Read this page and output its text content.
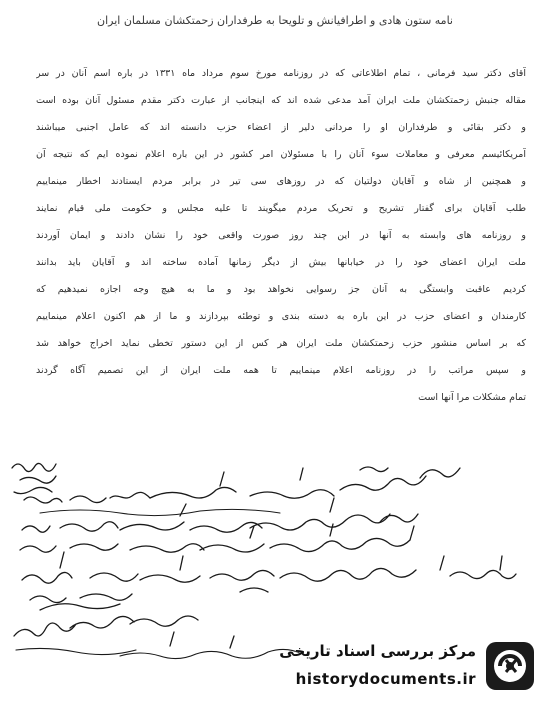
نامه ستون هادی و اطرافیانش و تلویحا به طرفداران زحمتکشان مسلمان ایران
آقای دکتر سید فرمانی ، تمام اطلاعاتی که در روزنامه مورخ سوم مرداد ماه ۱۳۳۱ در باره اسم آنان در سر
مقاله جنبش زحمتکشان ملت ایران آمد مدعی شده اند که اینجانب از عبارت دکتر مقدم مسئول آنان بوده است
و دکتر بقائی و طرفداران او را مردانی دلیر از اعضاء حزب دانسته اند که عامل اجنبی میباشند
آمریکائیسم معرفی و معاملات سوء آنان را با مسئولان امر کشور در این باره اعلام نموده ایم که نتیجه آن
و همچنین از شاه و آقایان دولتیان که در روزهای سی تیر در برابر مردم ایستادند اخطار مینماییم
طلب آقایان برای گفتار تشریح و تحریک مردم میگویند تا علیه مجلس و حکومت ملی قیام نمایند
و روزنامه های وابسته به آنها در این چند روز صورت واقعی خود را نشان دادند و ایمان آوردند
ملت ایران اعضای خود را در خیابانها بیش از دیگر زمانها آماده ساخته اند و آقایان باید بدانند
کردیم عاقبت وابستگی به آنان جز رسوایی نخواهد بود و ما به هیچ وجه اجازه نمیدهیم که
کارمندان و اعضای حزب در این باره به دسته بندی و توطئه بپردازند و ما از هم اکنون اعلام مینماییم
که بر اساس منشور حزب زحمتکشان ملت ایران هر کس از این دستور تخطی نماید اخراج خواهد شد
و سپس مراتب را در روزنامه اعلام مینماییم تا همه ملت ایران از این تصمیم آگاه گردند
تمام مشکلات مرا آنها است
مرکز بررسی اسناد تاریخی
historydocuments.ir
